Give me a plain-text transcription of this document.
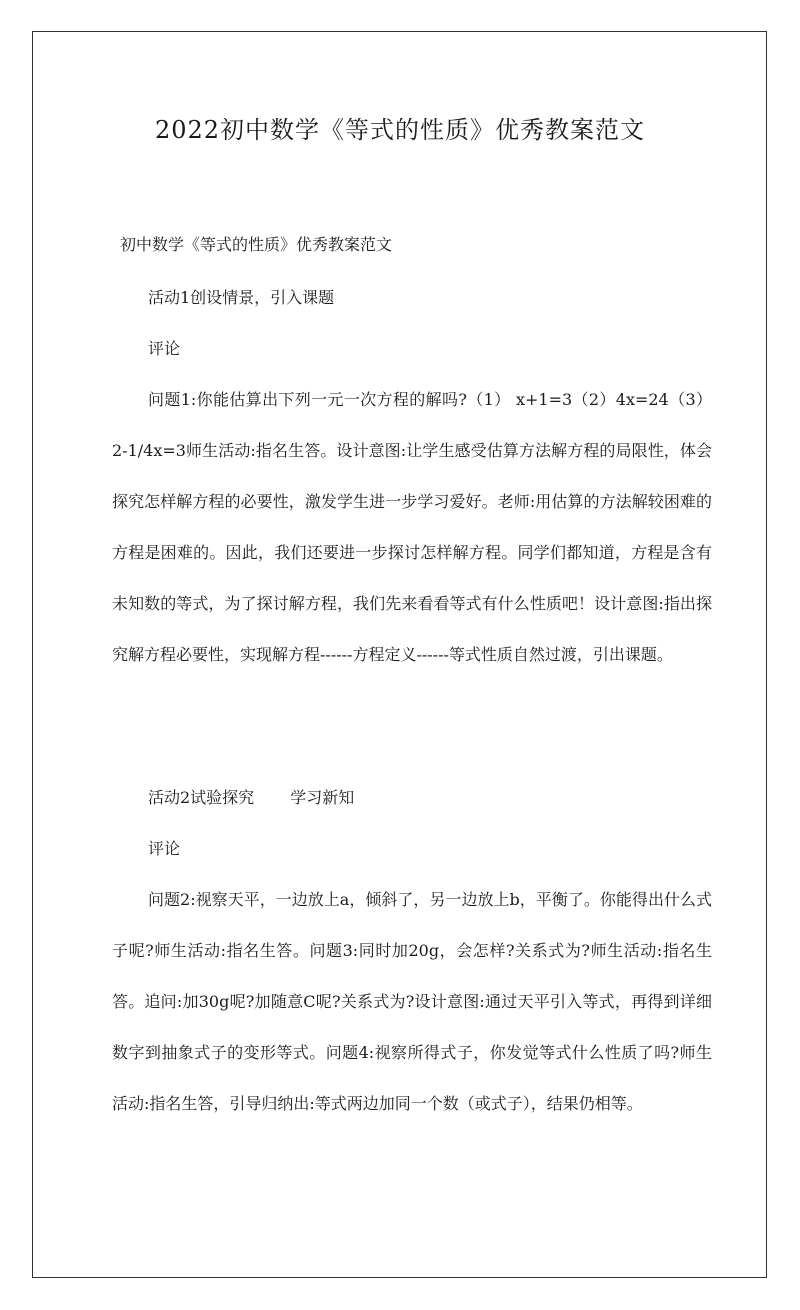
2022初中数学《等式的性质》优秀教案范文

初中数学《等式的性质》优秀教案范文

活动1创设情景，引入课题

评论

问题1:你能估算出下列一元一次方程的解吗?（1） x+1=3（2）4x=24（3）2-1/4x=3师生活动:指名生答。设计意图:让学生感受估算方法解方程的局限性，体会探究怎样解方程的必要性，激发学生进一步学习爱好。老师:用估算的方法解较困难的方程是困难的。因此，我们还要进一步探讨怎样解方程。同学们都知道，方程是含有未知数的等式，为了探讨解方程，我们先来看看等式有什么性质吧！设计意图:指出探究解方程必要性，实现解方程------方程定义------等式性质自然过渡，引出课题。

活动2试验探究 学习新知

评论

问题2:视察天平，一边放上a，倾斜了，另一边放上b，平衡了。你能得出什么式子呢?师生活动:指名生答。问题3:同时加20g，会怎样?关系式为?师生活动:指名生答。追问:加30g呢?加随意C呢?关系式为?设计意图:通过天平引入等式，再得到详细数字到抽象式子的变形等式。问题4:视察所得式子，你发觉等式什么性质了吗?师生活动:指名生答，引导归纳出:等式两边加同一个数（或式子），结果仍相等。
